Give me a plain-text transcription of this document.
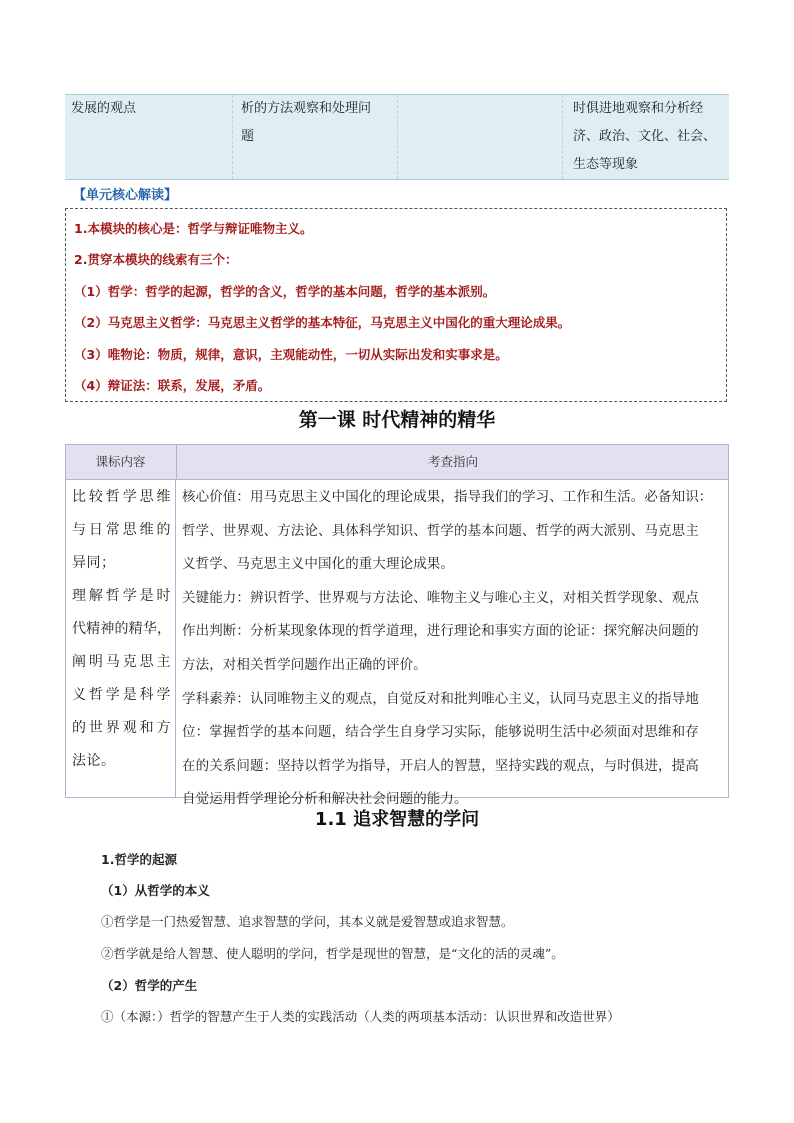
发展的观点	析的方法观察和处理问
题
时俱进地观察和分析经
济、政治、文化、社会、
生态等现象
【单元核心解读】
1.本模块的核心是：哲学与辩证唯物主义。
2.贯穿本模块的线索有三个：
（1）哲学：哲学的起源，哲学的含义，哲学的基本问题，哲学的基本派别。
（2）马克思主义哲学：马克思主义哲学的基本特征，马克思主义中国化的重大理论成果。
（3）唯物论：物质，规律，意识，主观能动性，一切从实际出发和实事求是。
（4）辩证法：联系，发展，矛盾。
第一课 时代精神的精华
课标内容	考查指向

比较哲学思维

与日常思维的

异同；

理解哲学是时

代精神的精华，

阐明马克思主

义哲学是科学

的世界观和方

法论。

核心价值：用马克思主义中国化的理论成果，指导我们的学习、工作和生活。必备知识：

哲学、世界观、方法论、具体科学知识、哲学的基本问题、哲学的两大派别、马克思主

义哲学、马克思主义中国化的重大理论成果。

关键能力：辨识哲学、世界观与方法论、唯物主义与唯心主义，对相关哲学现象、观点

作出判断：分析某现象体现的哲学道理，进行理论和事实方面的论证：探究解决问题的

方法，对相关哲学问题作出正确的评价。

学科素养：认同唯物主义的观点，自觉反对和批判唯心主义，认同马克思主义的指导地

位：掌握哲学的基本问题，结合学生自身学习实际，能够说明生活中必须面对思维和存

在的关系问题：坚持以哲学为指导，开启人的智慧，坚持实践的观点，与时俱进，提高

自觉运用哲学理论分析和解决社会问题的能力。

1.1 追求智慧的学问
1.哲学的起源
（1）从哲学的本义
①哲学是一门热爱智慧、追求智慧的学问，其本义就是爱智慧或追求智慧。
②哲学就是给人智慧、使人聪明的学问，哲学是现世的智慧，是“文化的活的灵魂”。
（2）哲学的产生
①（本源：）哲学的智慧产生于人类的实践活动（人类的两项基本活动：认识世界和改造世界）
